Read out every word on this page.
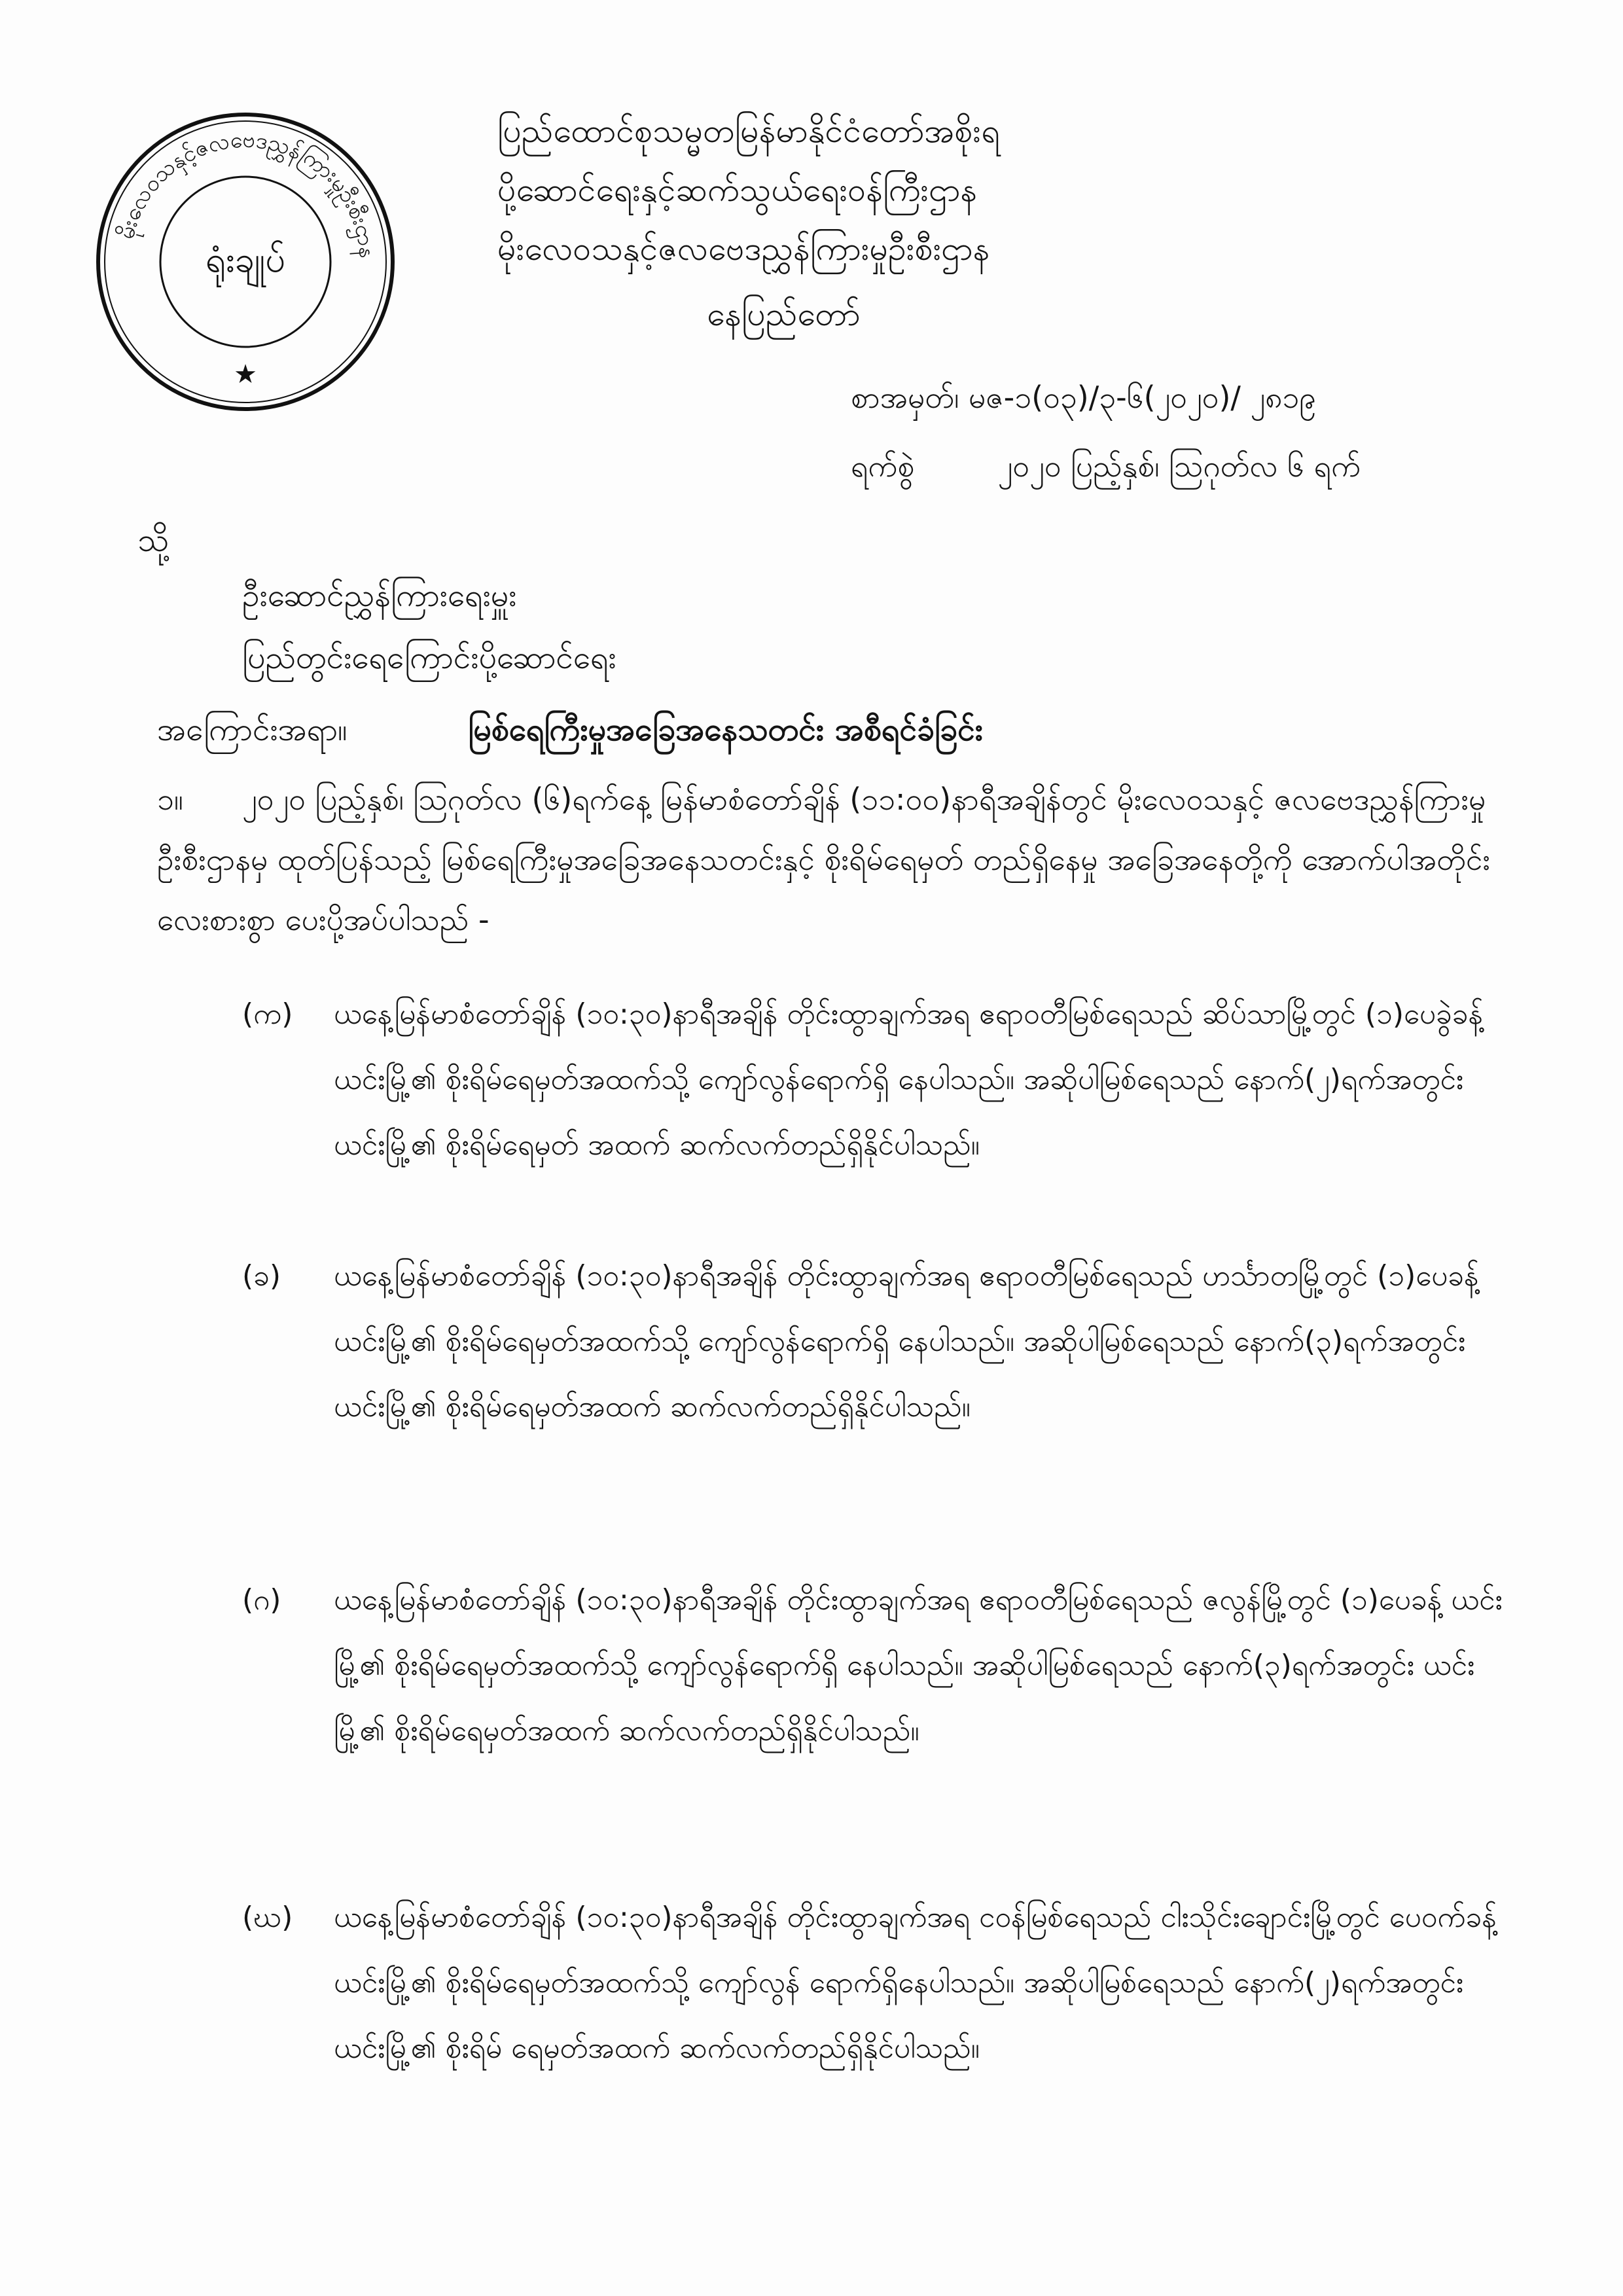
မိုးလေဝသနှင့်ဇလဗေဒညွှန်ကြားမှုဦးစီးဌာန
ရုံးချုပ်
★
ပြည်ထောင်စုသမ္မတမြန်မာနိုင်ငံတော်အစိုးရ
ပို့ဆောင်ရေးနှင့်ဆက်သွယ်ရေးဝန်ကြီးဌာန
မိုးလေဝသနှင့်ဇလဗေဒညွှန်ကြားမှုဦးစီးဌာန
နေပြည်တော်
စာအမှတ်၊ မဇ-၁(၀၃)/၃-၆(၂၀၂၀)/ ၂၈၁၉
ရက်စွဲ	၂၀၂၀ ပြည့်နှစ်၊ ဩဂုတ်လ ၆ ရက်
သို့
ဦးဆောင်ညွှန်ကြားရေးမှူး
ပြည်တွင်းရေကြောင်းပို့ဆောင်ရေး
အကြောင်းအရာ။	မြစ်ရေကြီးမှုအခြေအနေသတင်း အစီရင်ခံခြင်း
၁။ ၂၀၂၀ ပြည့်နှစ်၊ ဩဂုတ်လ (၆)ရက်နေ့ မြန်မာစံတော်ချိန် (၁၁:၀၀)နာရီအချိန်တွင် မိုးလေဝသနှင့် ဇလဗေဒညွှန်ကြားမှုဦးစီးဌာနမှ ထုတ်ပြန်သည့် မြစ်ရေကြီးမှုအခြေအနေသတင်းနှင့် စိုးရိမ်ရေမှတ် တည်ရှိနေမှု အခြေအနေတို့ကို အောက်ပါအတိုင်း လေးစားစွာ ပေးပို့အပ်ပါသည် -
(က)	ယနေ့မြန်မာစံတော်ချိန် (၁၀:၃၀)နာရီအချိန် တိုင်းထွာချက်အရ ဧရာဝတီမြစ်ရေသည် ဆိပ်သာမြို့တွင် (၁)ပေခွဲခန့် ယင်းမြို့၏ စိုးရိမ်ရေမှတ်အထက်သို့ ကျော်လွန်ရောက်ရှိ နေပါသည်။ အဆိုပါမြစ်ရေသည် နောက်(၂)ရက်အတွင်း ယင်းမြို့၏ စိုးရိမ်ရေမှတ် အထက် ဆက်လက်တည်ရှိနိုင်ပါသည်။
(ခ)	ယနေ့မြန်မာစံတော်ချိန် (၁၀:၃၀)နာရီအချိန် တိုင်းထွာချက်အရ ဧရာဝတီမြစ်ရေသည် ဟင်္သာတမြို့တွင် (၁)ပေခန့် ယင်းမြို့၏ စိုးရိမ်ရေမှတ်အထက်သို့ ကျော်လွန်ရောက်ရှိ နေပါသည်။ အဆိုပါမြစ်ရေသည် နောက်(၃)ရက်အတွင်း ယင်းမြို့၏ စိုးရိမ်ရေမှတ်အထက် ဆက်လက်တည်ရှိနိုင်ပါသည်။
(ဂ)	ယနေ့မြန်မာစံတော်ချိန် (၁၀:၃၀)နာရီအချိန် တိုင်းထွာချက်အရ ဧရာဝတီမြစ်ရေသည် ဇလွန်မြို့တွင် (၁)ပေခန့် ယင်းမြို့၏ စိုးရိမ်ရေမှတ်အထက်သို့ ကျော်လွန်ရောက်ရှိ နေပါသည်။ အဆိုပါမြစ်ရေသည် နောက်(၃)ရက်အတွင်း ယင်းမြို့၏ စိုးရိမ်ရေမှတ်အထက် ဆက်လက်တည်ရှိနိုင်ပါသည်။
(ဃ)	ယနေ့မြန်မာစံတော်ချိန် (၁၀:၃၀)နာရီအချိန် တိုင်းထွာချက်အရ ငဝန်မြစ်ရေသည် ငါးသိုင်းချောင်းမြို့တွင် ပေဝက်ခန့် ယင်းမြို့၏ စိုးရိမ်ရေမှတ်အထက်သို့ ကျော်လွန် ရောက်ရှိနေပါသည်။ အဆိုပါမြစ်ရေသည် နောက်(၂)ရက်အတွင်း ယင်းမြို့၏ စိုးရိမ် ရေမှတ်အထက် ဆက်လက်တည်ရှိနိုင်ပါသည်။
